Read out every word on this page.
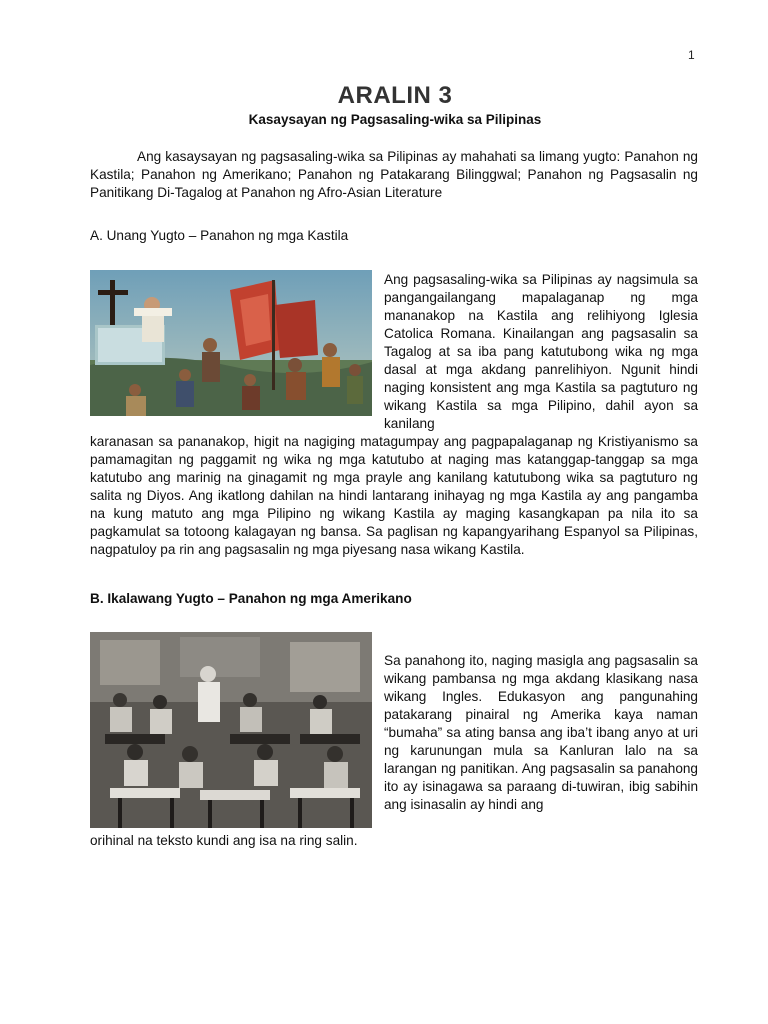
1
ARALIN 3
Kasaysayan ng Pagsasaling-wika sa Pilipinas

Ang kasaysayan ng pagsasaling-wika sa Pilipinas ay mahahati sa limang yugto: Panahon ng Kastila; Panahon ng Amerikano; Panahon ng Patakarang Bilinggwal; Panahon ng Pagsasalin ng Panitikang Di-Tagalog at Panahon ng Afro-Asian Literature

A. Unang Yugto – Panahon ng mga Kastila

Ang pagsasaling-wika sa Pilipinas ay nagsimula sa pangangailangang mapalaganap ng mga mananakop na Kastila ang relihiyong Iglesia Catolica Romana. Kinailangan ang pagsasalin sa Tagalog at sa iba pang katutubong wika ng mga dasal at mga akdang panrelihiyon. Ngunit hindi naging konsistent ang mga Kastila sa pagtuturo ng wikang Kastila sa mga Pilipino, dahil ayon sa kanilang

karanasan sa pananakop, higit na nagiging matagumpay ang pagpapalaganap ng Kristiyanismo sa pamamagitan ng paggamit ng wika ng mga katutubo at naging mas katanggap-tanggap sa mga katutubo ang marinig na ginagamit ng mga prayle ang kanilang katutubong wika sa pagtuturo ng salita ng Diyos. Ang ikatlong dahilan na hindi lantarang inihayag ng mga Kastila ay ang pangamba na kung matuto ang mga Pilipino ng wikang Kastila ay maging kasangkapan pa nila ito sa pagkamulat sa totoong kalagayan ng bansa. Sa paglisan ng kapangyarihang Espanyol sa Pilipinas, nagpatuloy pa rin ang pagsasalin ng mga piyesang nasa wikang Kastila.

B. Ikalawang Yugto – Panahon ng mga Amerikano

Sa panahong ito, naging masigla ang pagsasalin sa wikang pambansa ng mga akdang klasikang nasa wikang Ingles. Edukasyon ang pangunahing patakarang pinairal ng Amerika kaya naman “bumaha” sa ating bansa ang iba’t ibang anyo at uri ng karunungan mula sa Kanluran lalo na sa larangan ng panitikan. Ang pagsasalin sa panahong ito ay isinagawa sa paraang di-tuwiran, ibig sabihin ang isinasalin ay hindi ang

orihinal na teksto kundi ang isa na ring salin.
